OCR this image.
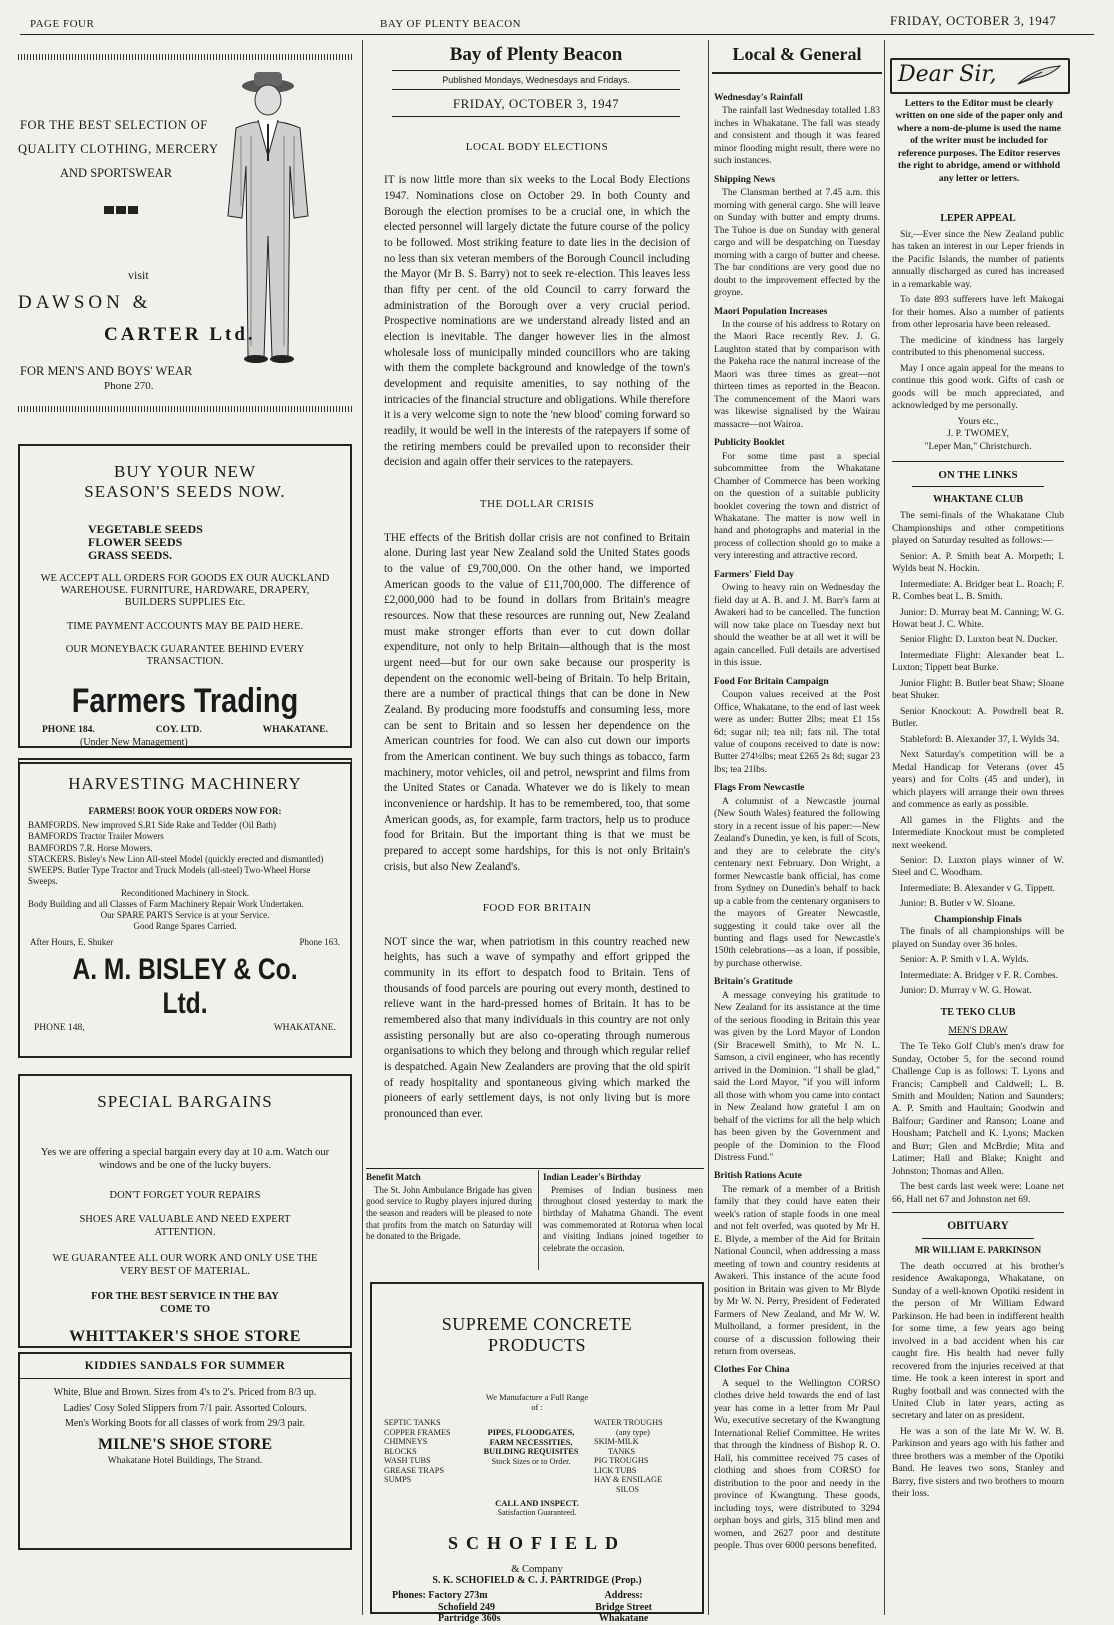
PAGE FOUR	BAY OF PLENTY BEACON	FRIDAY, OCTOBER 3, 1947
FOR THE BEST SELECTION OF
QUALITY CLOTHING, MERCERY
AND SPORTSWEAR
visit
DAWSON &
CARTER Ltd.
FOR MEN'S AND BOYS' WEAR
Phone 270.
BUY YOUR NEW SEASON'S SEEDS NOW.
VEGETABLE SEEDS
FLOWER SEEDS
GRASS SEEDS.
WE ACCEPT ALL ORDERS FOR GOODS EX OUR AUCKLAND WAREHOUSE. FURNITURE, HARDWARE, DRAPERY, BUILDERS SUPPLIES Etc.
TIME PAYMENT ACCOUNTS MAY BE PAID HERE.
OUR MONEYBACK GUARANTEE BEHIND EVERY TRANSACTION.
Farmers Trading
PHONE 184.	COY. LTD.	WHAKATANE.
(Under New Management)
HARVESTING MACHINERY
FARMERS! BOOK YOUR ORDERS NOW FOR:
BAMFORDS. New improved S.R1 Side Rake and Tedder (Oil Bath)
BAMFORDS Tractor Trailer Mowers
BAMFORDS 7.R. Horse Mowers.
STACKERS. Bisley's New Lion All-steel Model (quickly erected and dismantled)
SWEEPS. Butler Type Tractor and Truck Models (all-steel) Two-Wheel Horse Sweeps.
Reconditioned Machinery in Stock.
Body Building and all Classes of Farm Machinery Repair Work Undertaken.
Our SPARE PARTS Service is at your Service.
Good Range Spares Carried.
After Hours, E. Shuker	Phone 163.
A. M. BISLEY & Co. Ltd.
PHONE 148,	WHAKATANE.
SPECIAL BARGAINS
Yes we are offering a special bargain every day at 10 a.m. Watch our windows and be one of the lucky buyers.
DON'T FORGET YOUR REPAIRS
SHOES ARE VALUABLE AND NEED EXPERT ATTENTION.
WE GUARANTEE ALL OUR WORK AND ONLY USE THE VERY BEST OF MATERIAL.
FOR THE BEST SERVICE IN THE BAY COME TO
WHITTAKER'S SHOE STORE
KIDDIES SANDALS FOR SUMMER
White, Blue and Brown. Sizes from 4's to 2's. Priced from 8/3 up.
Ladies' Cosy Soled Slippers from 7/1 pair. Assorted Colours.
Men's Working Boots for all classes of work from 29/3 pair.
MILNE'S SHOE STORE
Whakatane Hotel Buildings, The Strand.
Bay of Plenty Beacon
Published Mondays, Wednesdays and Fridays.
FRIDAY, OCTOBER 3, 1947
LOCAL BODY ELECTIONS

IT is now little more than six weeks to the Local Body Elections 1947. Nominations close on October 29. In both County and Borough the election promises to be a crucial one, in which the elected personnel will largely dictate the future course of the policy to be followed. Most striking feature to date lies in the decision of no less than six veteran members of the Borough Council including the Mayor (Mr B. S. Barry) not to seek re-election. This leaves less than fifty per cent. of the old Council to carry forward the administration of the Borough over a very crucial period. Prospective nominations are we understand already listed and an election is inevitable. The danger however lies in the almost wholesale loss of municipally minded councillors who are taking with them the complete background and knowledge of the town's development and requisite amenities, to say nothing of the intricacies of the financial structure and obligations. While therefore it is a very welcome sign to note the 'new blood' coming forward so readily, it would be well in the interests of the ratepayers if some of the retiring members could be prevailed upon to reconsider their decision and again offer their services to the ratepayers.

THE DOLLAR CRISIS

THE effects of the British dollar crisis are not confined to Britain alone. During last year New Zealand sold the United States goods to the value of £9,700,000. On the other hand, we imported American goods to the value of £11,700,000. The difference of £2,000,000 had to be found in dollars from Britain's meagre resources. Now that these resources are running out, New Zealand must make stronger efforts than ever to cut down dollar expenditure, not only to help Britain—although that is the most urgent need—but for our own sake because our prosperity is dependent on the economic well-being of Britain. To help Britain, there are a number of practical things that can be done in New Zealand. By producing more foodstuffs and consuming less, more can be sent to Britain and so lessen her dependence on the American countries for food. We can also cut down our imports from the American continent. We buy such things as tobacco, farm machinery, motor vehicles, oil and petrol, newsprint and films from the United States or Canada. Whatever we do is likely to mean inconvenience or hardship. It has to be remembered, too, that some American goods, as, for example, farm tractors, help us to produce food for Britain. But the important thing is that we must be prepared to accept some hardships, for this is not only Britain's crisis, but also New Zealand's.

FOOD FOR BRITAIN

NOT since the war, when patriotism in this country reached new heights, has such a wave of sympathy and effort gripped the community in its effort to despatch food to Britain. Tens of thousands of food parcels are pouring out every month, destined to relieve want in the hard-pressed homes of Britain. It has to be remembered also that many individuals in this country are not only assisting personally but are also co-operating through numerous organisations to which they belong and through which regular relief is despatched. Again New Zealanders are proving that the old spirit of ready hospitality and spontaneous giving which marked the pioneers of early settlement days, is not only living but is more pronounced than ever.

Benefit Match

The St. John Ambulance Brigade has given good service to Rugby players injured during the season and readers will be pleased to note that profits from the match on Saturday will be donated to the Brigade.

Indian Leader's Birthday

Premises of Indian business men throughout closed yesterday to mark the birthday of Mahatma Ghandi. The event was commemorated at Rotorua when local and visiting Indians joined together to celebrate the occasion.

SUPREME CONCRETE PRODUCTS
We Manufacture a Full Range of :
SEPTIC TANKS
COPPER FRAMES
CHIMNEYS
BLOCKS
WASH TUBS
GREASE TRAPS
SUMPS
PIPES, FLOODGATES,
FARM NECESSITIES,
BUILDING REQUISITES
Stock Sizes or to Order.
WATER TROUGHS
(any type)
SKIM-MILK
TANKS
PIG TROUGHS
LICK TUBS
HAY & ENSILAGE
SILOS
CALL AND INSPECT.
Satisfaction Guaranteed.
SCHOFIELD
& Company
S. K. SCHOFIELD & C. J. PARTRIDGE (Prop.)
Phones: Factory 273m
Schofield 249
Partridge 360s
Address:
Bridge Street
Whakatane
Local & General
Wednesday's Rainfall

The rainfall last Wednesday totalled 1.83 inches in Whakatane. The fall was steady and consistent and though it was feared minor flooding might result, there were no such instances.

Shipping News

The Clansman berthed at 7.45 a.m. this morning with general cargo. She will leave on Sunday with butter and empty drums. The Tuhoe is due on Sunday with general cargo and will be despatching on Tuesday morning with a cargo of butter and cheese. The bar conditions are very good due no doubt to the improvement effected by the groyne.

Maori Population Increases

In the course of his address to Rotary on the Maori Race recently Rev. J. G. Laughton stated that by comparison with the Pakeha race the natural increase of the Maori was three times as great—not thirteen times as reported in the Beacon. The commencement of the Maori wars was likewise signalised by the Wairau massacre—not Wairoa.

Publicity Booklet

For some time past a special subcommittee from the Whakatane Chamber of Commerce has been working on the question of a suitable publicity booklet covering the town and district of Whakatane. The matter is now well in hand and photographs and material in the process of collection should go to make a very interesting and attractive record.

Farmers' Field Day

Owing to heavy rain on Wednesday the field day at A. B. and J. M. Barr's farm at Awakeri had to be cancelled. The function will now take place on Tuesday next but should the weather be at all wet it will be again cancelled. Full details are advertised in this issue.

Food For Britain Campaign

Coupon values received at the Post Office, Whakatane, to the end of last week were as under: Butter 2lbs; meat £1 15s 6d; sugar nil; tea nil; fats nil. The total value of coupons received to date is now: Butter 274½lbs; meat £265 2s 8d; sugar 23 lbs; tea 21lbs.

Flags From Newcastle

A columnist of a Newcastle journal (New South Wales) featured the following story in a recent issue of his paper:—New Zealand's Dunedin, ye ken, is full of Scots, and they are to celebrate the city's centenary next February. Don Wright, a former Newcastle bank official, has come from Sydney on Dunedin's behalf to back up a cable from the centenary organisers to the mayors of Greater Newcastle, suggesting it could take over all the bunting and flags used for Newcastle's 150th celebrations—as a loan, if possible, by purchase otherwise.

Britain's Gratitude

A message conveying his gratitude to New Zealand for its assistance at the time of the serious flooding in Britain this year was given by the Lord Mayor of London (Sir Bracewell Smith), to Mr N. L. Samson, a civil engineer, who has recently arrived in the Dominion. "I shall be glad," said the Lord Mayor, "if you will inform all those with whom you came into contact in New Zealand how grateful I am on behalf of the victims for all the help which has been given by the Government and people of the Dominion to the Flood Distress Fund."

British Rations Acute

The remark of a member of a British family that they could have eaten their week's ration of staple foods in one meal and not felt overfed, was quoted by Mr H. E. Blyde, a member of the Aid for Britain National Council, when addressing a mass meeting of town and country residents at Awakeri. This instance of the acute food position in Britain was given to Mr Blyde by Mr W. N. Perry, President of Federated Farmers of New Zealand, and Mr W. W. Mulholland, a former president, in the course of a discussion following their return from overseas.

Clothes For China

A sequel to the Wellington CORSO clothes drive held towards the end of last year has come in a letter from Mr Paul Wu, executive secretary of the Kwangtung International Relief Committee. He writes that through the kindness of Bishop R. O. Hall, his committee received 75 cases of clothing and shoes from CORSO for distribution to the poor and needy in the province of Kwangtung. These goods, including toys, were distributed to 3294 orphan boys and girls, 315 blind men and women, and 2627 poor and destitute people. Thus over 6000 persons benefited.

Dear Sir,
Letters to the Editor must be clearly written on one side of the paper only and where a nom-de-plume is used the name of the writer must be included for reference purposes. The Editor reserves the right to abridge, amend or withhold any letter or letters.
LEPER APPEAL

Sir,—Ever since the New Zealand public has taken an interest in our Leper friends in the Pacific Islands, the number of patients annually discharged as cured has increased in a remarkable way.

To date 893 sufferers have left Makogai for their homes. Also a number of patients from other leprosaria have been released.

The medicine of kindness has largely contributed to this phenomenal success.

May I once again appeal for the means to continue this good work. Gifts of cash or goods will be much appreciated, and acknowledged by me personally.

Yours etc.,
J. P. TWOMEY,
"Leper Man," Christchurch.
ON THE LINKS
WHAKTANE CLUB

The semi-finals of the Whakatane Club Championships and other competitions played on Saturday resulted as follows:—

Senior: A. P. Smith beat A. Morpeth; I. Wylds beat N. Hockin.

Intermediate: A. Bridger beat L. Roach; F. R. Combes beat L. B. Smith.

Junior: D. Murray beat M. Canning; W. G. Howat beat J. C. White.

Senior Flight: D. Luxton beat N. Ducker.

Intermediate Flight: Alexander beat L. Luxton; Tippett beat Burke.

Junior Flight: B. Butler beat Shaw; Sloane beat Shuker.

Senior Knockout: A. Powdrell beat R. Butler.

Stableford: B. Alexander 37, I. Wylds 34.

Next Saturday's competition will be a Medal Handicap for Veterans (over 45 years) and for Colts (45 and under), in which players will arrange their own threes and commence as early as possible.

All games in the Flights and the Intermediate Knockout must be completed next weekend.

Senior: D. Luxton plays winner of W. Steel and C. Woodham.

Intermediate: B. Alexander v G. Tippett.

Junior: B. Butler v W. Sloane.

Championship Finals

The finals of all championships will be played on Sunday over 36 holes.

Senior: A. P. Smith v I. A. Wylds.

Intermediate: A. Bridger v F. R. Combes.

Junior: D. Murray v W. G. Howat.

TE TEKO CLUB
MEN'S DRAW

The Te Teko Golf Club's men's draw for Sunday, October 5, for the second round Challenge Cup is as follows: T. Lyons and Francis; Campbell and Caldwell; L. B. Smith and Moulden; Nation and Saunders; A. P. Smith and Haultain; Goodwin and Balfour; Gardiner and Ranson; Loane and Housham; Patchell and K. Lyons; Macken and Burr; Glen and McBrdie; Mita and Latimer; Hall and Blake; Knight and Johnston; Thomas and Allen.

The best cards last week were: Loane net 66, Hall net 67 and Johnston net 69.

OBITUARY
MR WILLIAM E. PARKINSON

The death occurred at his brother's residence Awakaponga, Whakatane, on Sunday of a well-known Opotiki resident in the person of Mr William Edward Parkinson. He had been in indifferent health for some time, a few years ago being involved in a bad accident when his car caught fire. His health had never fully recovered from the injuries received at that time. He took a keen interest in sport and Rugby football and was connected with the United Club in later years, acting as secretary and later on as president.

He was a son of the late Mr W. W. B. Parkinson and years ago with his father and three brothers was a member of the Opotiki Band. He leaves two sons, Stanley and Barry, five sisters and two brothers to mourn their loss.
